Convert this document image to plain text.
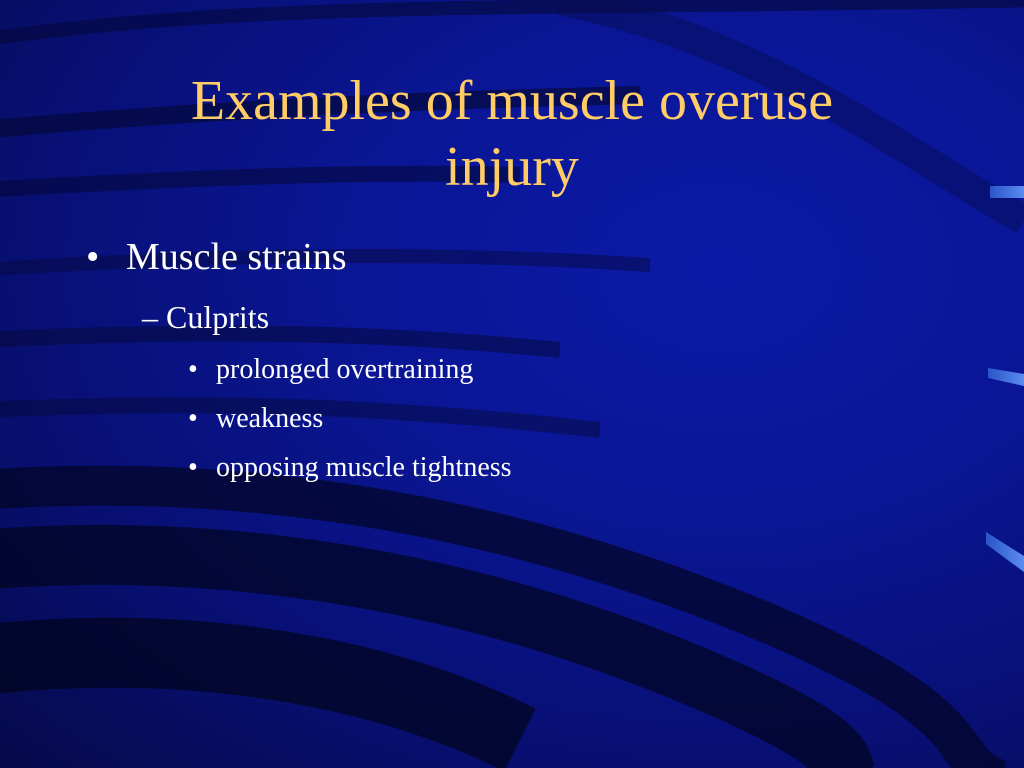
Examples of muscle overuse
injury
• Muscle strains
– Culprits
• prolonged overtraining
• weakness
• opposing muscle tightness
